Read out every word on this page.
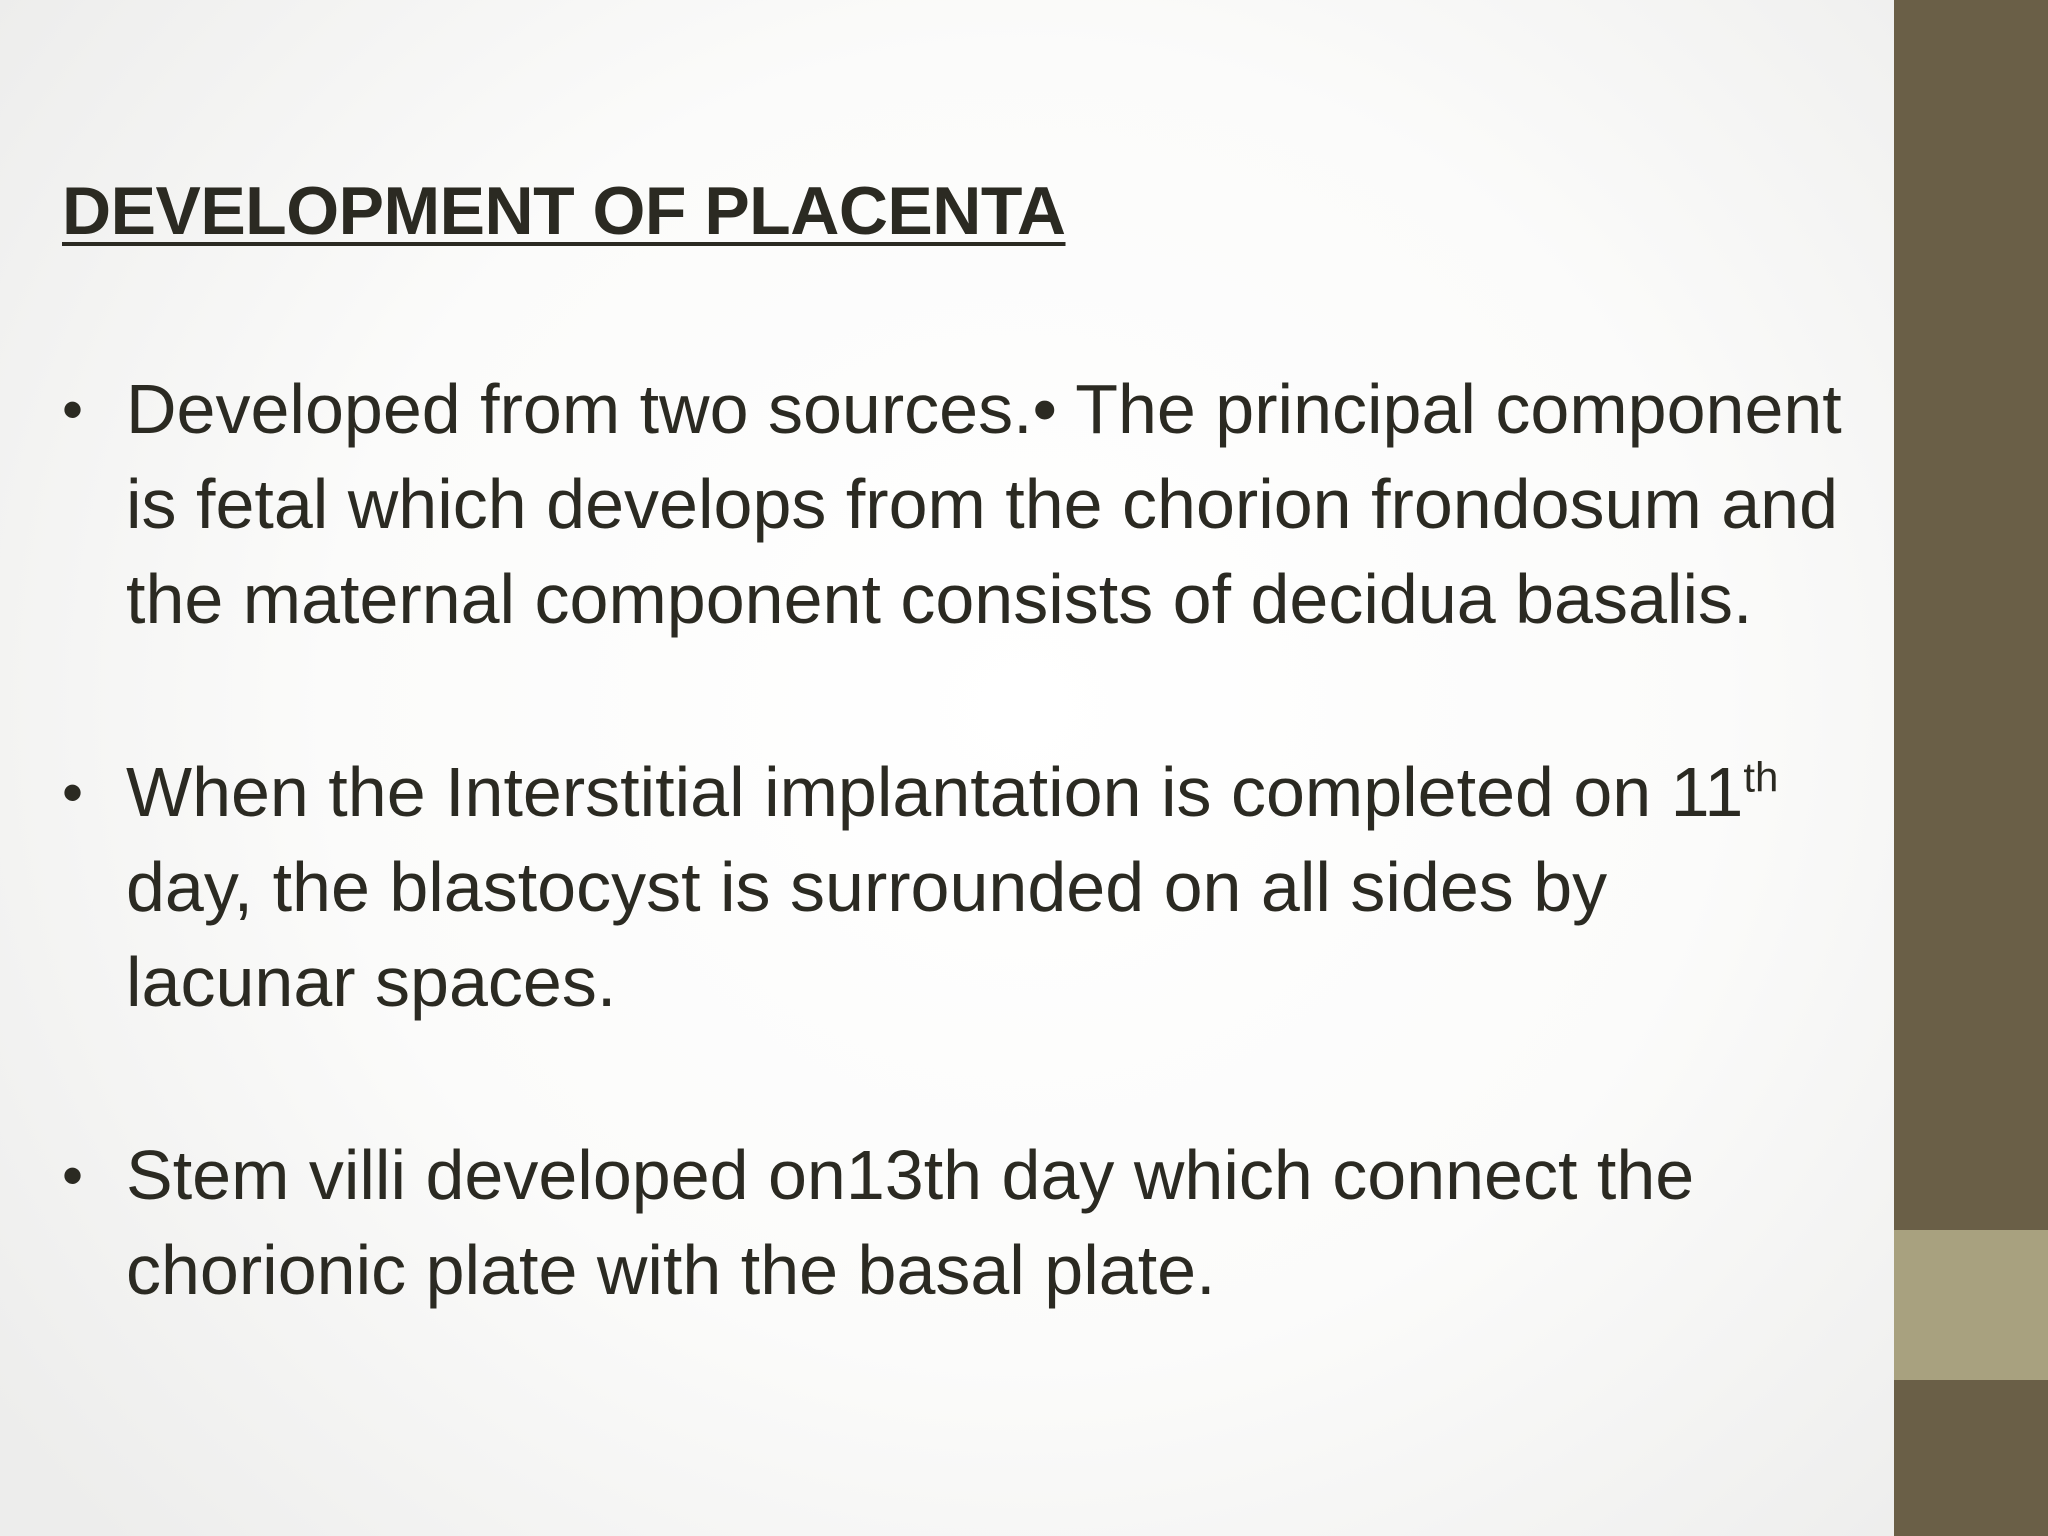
DEVELOPMENT OF PLACENTA
• Developed from two sources.• The principal component is fetal which develops from the chorion frondosum and the maternal component consists of decidua basalis.
• When the Interstitial implantation is completed on 11th day, the blastocyst is surrounded on all sides by lacunar spaces.
• Stem villi developed on13th day which connect the chorionic plate with the basal plate.
